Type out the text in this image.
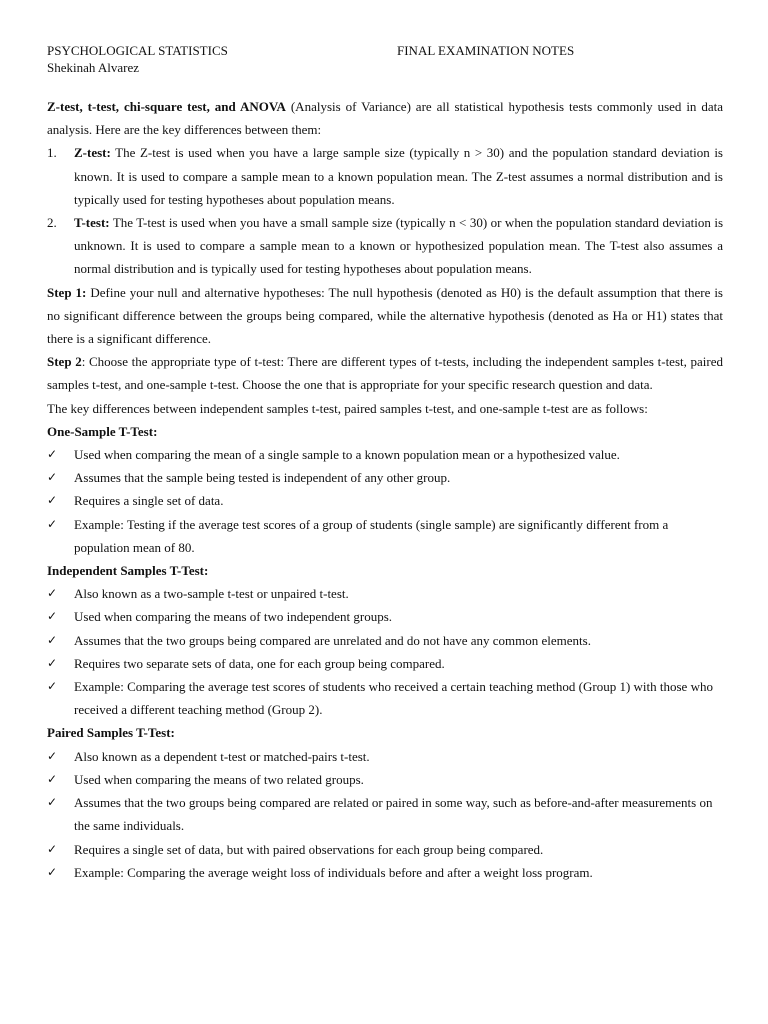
PSYCHOLOGICAL STATISTICS	FINAL EXAMINATION NOTES
Shekinah Alvarez

Z-test, t-test, chi-square test, and ANOVA (Analysis of Variance) are all statistical hypothesis tests commonly used in data analysis. Here are the key differences between them:

1.	Z-test: The Z-test is used when you have a large sample size (typically n > 30) and the population standard deviation is known. It is used to compare a sample mean to a known population mean. The Z-test assumes a normal distribution and is typically used for testing hypotheses about population means.
2.	T-test: The T-test is used when you have a small sample size (typically n < 30) or when the population standard deviation is unknown. It is used to compare a sample mean to a known or hypothesized population mean. The T-test also assumes a normal distribution and is typically used for testing hypotheses about population means.

Step 1: Define your null and alternative hypotheses: The null hypothesis (denoted as H0) is the default assumption that there is no significant difference between the groups being compared, while the alternative hypothesis (denoted as Ha or H1) states that there is a significant difference.

Step 2: Choose the appropriate type of t-test: There are different types of t-tests, including the independent samples t-test, paired samples t-test, and one-sample t-test. Choose the one that is appropriate for your specific research question and data.

The key differences between independent samples t-test, paired samples t-test, and one-sample t-test are as follows:

One-Sample T-Test:

✓	Used when comparing the mean of a single sample to a known population mean or a hypothesized value.
✓	Assumes that the sample being tested is independent of any other group.
✓	Requires a single set of data.
✓	Example: Testing if the average test scores of a group of students (single sample) are significantly different from a population mean of 80.

Independent Samples T-Test:

✓	Also known as a two-sample t-test or unpaired t-test.
✓	Used when comparing the means of two independent groups.
✓	Assumes that the two groups being compared are unrelated and do not have any common elements.
✓	Requires two separate sets of data, one for each group being compared.
✓	Example: Comparing the average test scores of students who received a certain teaching method (Group 1) with those who received a different teaching method (Group 2).

Paired Samples T-Test:

✓	Also known as a dependent t-test or matched-pairs t-test.
✓	Used when comparing the means of two related groups.
✓	Assumes that the two groups being compared are related or paired in some way, such as before-and-after measurements on the same individuals.
✓	Requires a single set of data, but with paired observations for each group being compared.
✓	Example: Comparing the average weight loss of individuals before and after a weight loss program.
